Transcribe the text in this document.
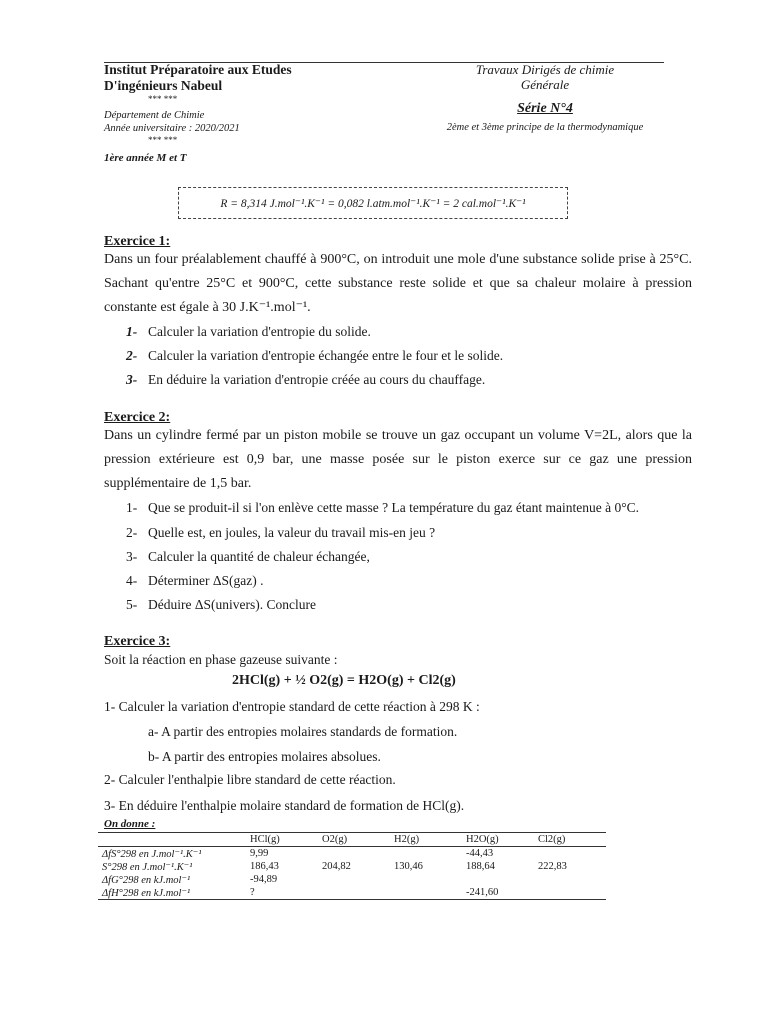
Institut Préparatoire aux Etudes
D'ingénieurs Nabeul
*** ***
Département de Chimie
Année universitaire : 2020/2021
*** ***
1ère année M et T
Travaux Dirigés de chimie
Générale
Série N°4
2ème et 3ème principe de la thermodynamique
R = 8,314 J.mol⁻¹.K⁻¹ = 0,082 l.atm.mol⁻¹.K⁻¹ = 2 cal.mol⁻¹.K⁻¹
Exercice 1:
Dans un four préalablement chauffé à 900°C, on introduit une mole d'une substance solide prise à 25°C. Sachant qu'entre 25°C et 900°C, cette substance reste solide et que sa chaleur molaire à pression constante est égale à 30 J.K⁻¹.mol⁻¹.
1- Calculer la variation d'entropie du solide.
2- Calculer la variation d'entropie échangée entre le four et le solide.
3- En déduire la variation d'entropie créée au cours du chauffage.
Exercice 2:
Dans un cylindre fermé par un piston mobile se trouve un gaz occupant un volume V=2L, alors que la pression extérieure est 0,9 bar, une masse posée sur le piston exerce sur ce gaz une pression supplémentaire de 1,5 bar.
1- Que se produit-il si l'on enlève cette masse ? La température du gaz étant maintenue à 0°C.
2- Quelle est, en joules, la valeur du travail mis-en jeu ?
3- Calculer la quantité de chaleur échangée,
4- Déterminer ΔS(gaz) .
5- Déduire ΔS(univers). Conclure
Exercice 3:
Soit la réaction en phase gazeuse suivante :
2HCl(g) + ½ O2(g) = H2O(g) + Cl2(g)
1- Calculer la variation d'entropie standard de cette réaction à 298 K :
a- A partir des entropies molaires standards de formation.
b- A partir des entropies molaires absolues.
2- Calculer l'enthalpie libre standard de cette réaction.
3- En déduire l'enthalpie molaire standard de formation de HCl(g).
On donne :
	HCl(g)	O2(g)	H2(g)	H2O(g)	Cl2(g)
ΔfS°298 en J.mol⁻¹.K⁻¹	9,99			-44,43	
S°298 en J.mol⁻¹.K⁻¹	186,43	204,82	130,46	188,64	222,83
ΔfG°298 en kJ.mol⁻¹	-94,89				
ΔfH°298 en kJ.mol⁻¹	?			-241,60	
